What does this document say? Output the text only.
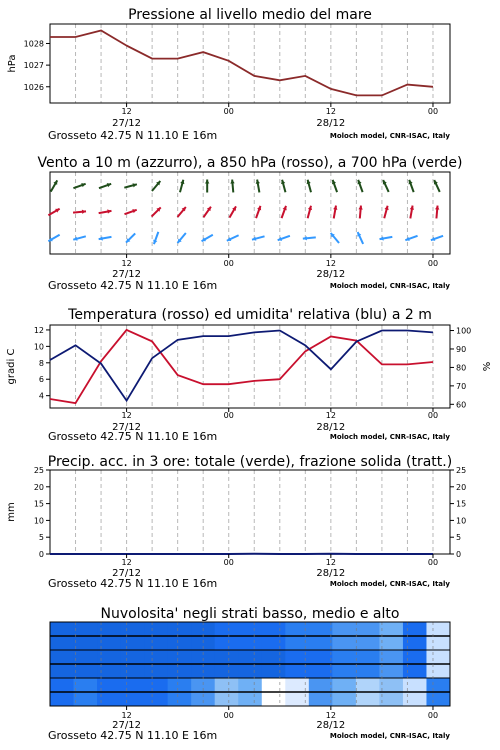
Pressione al livello medio del mare
1028
1027
1026
hPa
12	00	12	00
27/12	28/12
Grosseto 42.75 N 11.10 E 16m	Moloch model, CNR-ISAC, Italy
Vento a 10 m (azzurro), a 850 hPa (rosso), a 700 hPa (verde)
12	00	12	00
27/12	28/12
Grosseto 42.75 N 11.10 E 16m	Moloch model, CNR-ISAC, Italy
Temperatura (rosso) ed umidita' relativa (blu) a 2 m
12
10
8
6
4
100
90
80
70
60
gradi C	%
12	00	12	00
27/12	28/12
Grosseto 42.75 N 11.10 E 16m	Moloch model, CNR-ISAC, Italy
Precip. acc. in 3 ore: totale (verde), frazione solida (tratt.)
25
20
15
10
5
0
25
20
15
10
5
0
mm
12	00	12	00
27/12	28/12
Grosseto 42.75 N 11.10 E 16m	Moloch model, CNR-ISAC, Italy
Nuvolosita' negli strati basso, medio e alto
12	00	12	00
27/12	28/12
Grosseto 42.75 N 11.10 E 16m	Moloch model, CNR-ISAC, Italy
